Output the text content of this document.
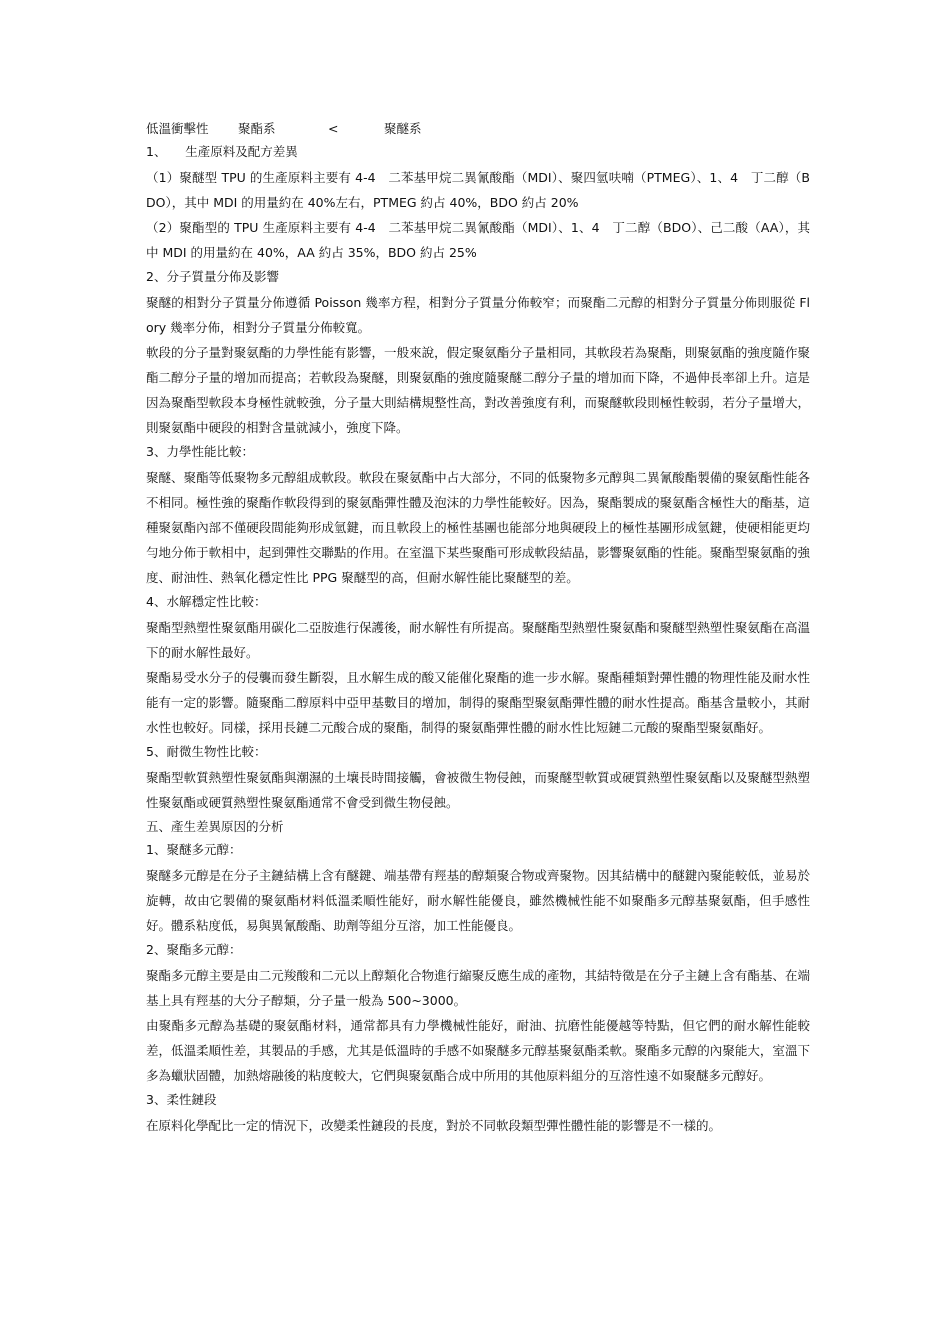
低溫衝擊性 聚酯系	<	聚醚系
1、　　生產原料及配方差異

（1）聚醚型 TPU 的生產原料主要有 4-4　二苯基甲烷二異氰酸酯（MDI）、聚四氫呋喃（PTMEG）、1、4　丁二醇（BDO），其中 MDI 的用量約在 40%左右，PTMEG 約占 40%，BDO 約占 20%

（2）聚酯型的 TPU 生產原料主要有 4-4　二苯基甲烷二異氰酸酯（MDI）、1、4　丁二醇（BDO）、己二酸（AA），其中 MDI 的用量約在 40%，AA 約占 35%，BDO 約占 25%

2、分子質量分佈及影響

聚醚的相對分子質量分佈遵循 Poisson 幾率方程，相對分子質量分佈較窄；而聚酯二元醇的相對分子質量分佈則服從 Flory 幾率分佈，相對分子質量分佈較寬。

軟段的分子量對聚氨酯的力學性能有影響，一般來說，假定聚氨酯分子量相同，其軟段若為聚酯，則聚氨酯的強度隨作聚酯二醇分子量的增加而提高；若軟段為聚醚，則聚氨酯的強度隨聚醚二醇分子量的增加而下降，不過伸長率卻上升。這是因為聚酯型軟段本身極性就較強，分子量大則結構規整性高，對改善強度有利，而聚醚軟段則極性較弱，若分子量增大，則聚氨酯中硬段的相對含量就減小，強度下降。

3、力學性能比較：

聚醚、聚酯等低聚物多元醇組成軟段。軟段在聚氨酯中占大部分，不同的低聚物多元醇與二異氰酸酯製備的聚氨酯性能各不相同。極性強的聚酯作軟段得到的聚氨酯彈性體及泡沫的力學性能較好。因為，聚酯製成的聚氨酯含極性大的酯基，這種聚氨酯內部不僅硬段間能夠形成氫鍵，而且軟段上的極性基團也能部分地與硬段上的極性基團形成氫鍵，使硬相能更均勻地分佈于軟相中，起到彈性交聯點的作用。在室溫下某些聚酯可形成軟段結晶，影響聚氨酯的性能。聚酯型聚氨酯的強度、耐油性、熱氧化穩定性比 PPG 聚醚型的高，但耐水解性能比聚醚型的差。

4、水解穩定性比較：

聚酯型熱塑性聚氨酯用碳化二亞胺進行保護後，耐水解性有所提高。聚醚酯型熱塑性聚氨酯和聚醚型熱塑性聚氨酯在高溫下的耐水解性最好。

聚酯易受水分子的侵襲而發生斷裂，且水解生成的酸又能催化聚酯的進一步水解。聚酯種類對彈性體的物理性能及耐水性能有一定的影響。隨聚酯二醇原料中亞甲基數目的增加，制得的聚酯型聚氨酯彈性體的耐水性提高。酯基含量較小，其耐水性也較好。同樣，採用長鏈二元酸合成的聚酯，制得的聚氨酯彈性體的耐水性比短鏈二元酸的聚酯型聚氨酯好。

5、耐微生物性比較：

聚酯型軟質熱塑性聚氨酯與潮濕的土壤長時間接觸，會被微生物侵蝕，而聚醚型軟質或硬質熱塑性聚氨酯以及聚醚型熱塑性聚氨酯或硬質熱塑性聚氨酯通常不會受到微生物侵蝕。

五、產生差異原因的分析
1、聚醚多元醇：

聚醚多元醇是在分子主鏈結構上含有醚鍵、端基帶有羥基的醇類聚合物或齊聚物。因其結構中的醚鍵內聚能較低，並易於旋轉，故由它製備的聚氨酯材料低溫柔順性能好，耐水解性能優良，雖然機械性能不如聚酯多元醇基聚氨酯，但手感性好。體系粘度低，易與異氰酸酯、助劑等組分互溶，加工性能優良。

2、聚酯多元醇：

聚酯多元醇主要是由二元羧酸和二元以上醇類化合物進行縮聚反應生成的產物，其結特徵是在分子主鏈上含有酯基、在端基上具有羥基的大分子醇類，分子量一般為 500~3000。

由聚酯多元醇為基礎的聚氨酯材料，通常都具有力學機械性能好，耐油、抗磨性能優越等特點，但它們的耐水解性能較差，低溫柔順性差，其製品的手感，尤其是低溫時的手感不如聚醚多元醇基聚氨酯柔軟。聚酯多元醇的內聚能大，室溫下多為蠟狀固體，加熱熔融後的粘度較大，它們與聚氨酯合成中所用的其他原料組分的互溶性遠不如聚醚多元醇好。

3、柔性鏈段

在原料化學配比一定的情況下，改變柔性鏈段的長度，對於不同軟段類型彈性體性能的影響是不一樣的。
